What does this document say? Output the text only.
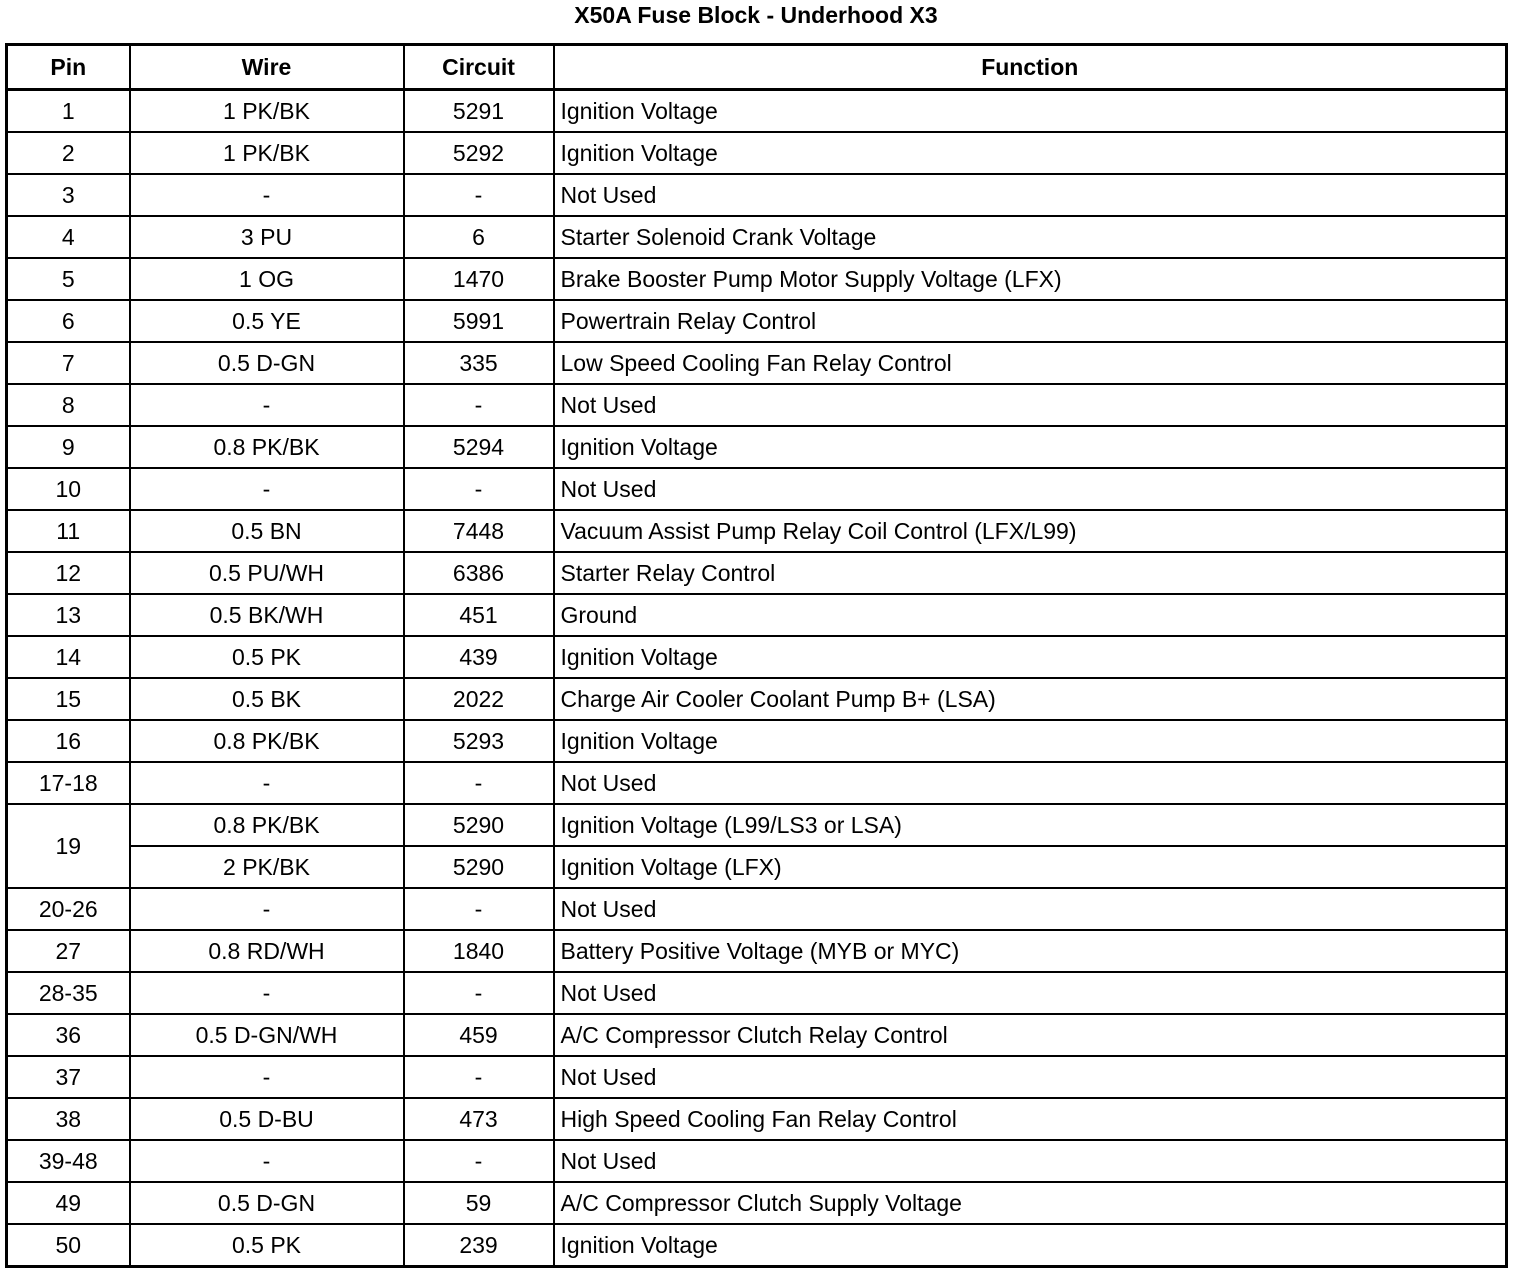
X50A Fuse Block - Underhood X3
Pin	Wire	Circuit	Function
1	1 PK/BK	5291	Ignition Voltage
2	1 PK/BK	5292	Ignition Voltage
3	-	-	Not Used
4	3 PU	6	Starter Solenoid Crank Voltage
5	1 OG	1470	Brake Booster Pump Motor Supply Voltage (LFX)
6	0.5 YE	5991	Powertrain Relay Control
7	0.5 D-GN	335	Low Speed Cooling Fan Relay Control
8	-	-	Not Used
9	0.8 PK/BK	5294	Ignition Voltage
10	-	-	Not Used
11	0.5 BN	7448	Vacuum Assist Pump Relay Coil Control (LFX/L99)
12	0.5 PU/WH	6386	Starter Relay Control
13	0.5 BK/WH	451	Ground
14	0.5 PK	439	Ignition Voltage
15	0.5 BK	2022	Charge Air Cooler Coolant Pump B+ (LSA)
16	0.8 PK/BK	5293	Ignition Voltage
17-18	-	-	Not Used
19	0.8 PK/BK	5290	Ignition Voltage (L99/LS3 or LSA)
	2 PK/BK	5290	Ignition Voltage (LFX)
20-26	-	-	Not Used
27	0.8 RD/WH	1840	Battery Positive Voltage (MYB or MYC)
28-35	-	-	Not Used
36	0.5 D-GN/WH	459	A/C Compressor Clutch Relay Control
37	-	-	Not Used
38	0.5 D-BU	473	High Speed Cooling Fan Relay Control
39-48	-	-	Not Used
49	0.5 D-GN	59	A/C Compressor Clutch Supply Voltage
50	0.5 PK	239	Ignition Voltage
